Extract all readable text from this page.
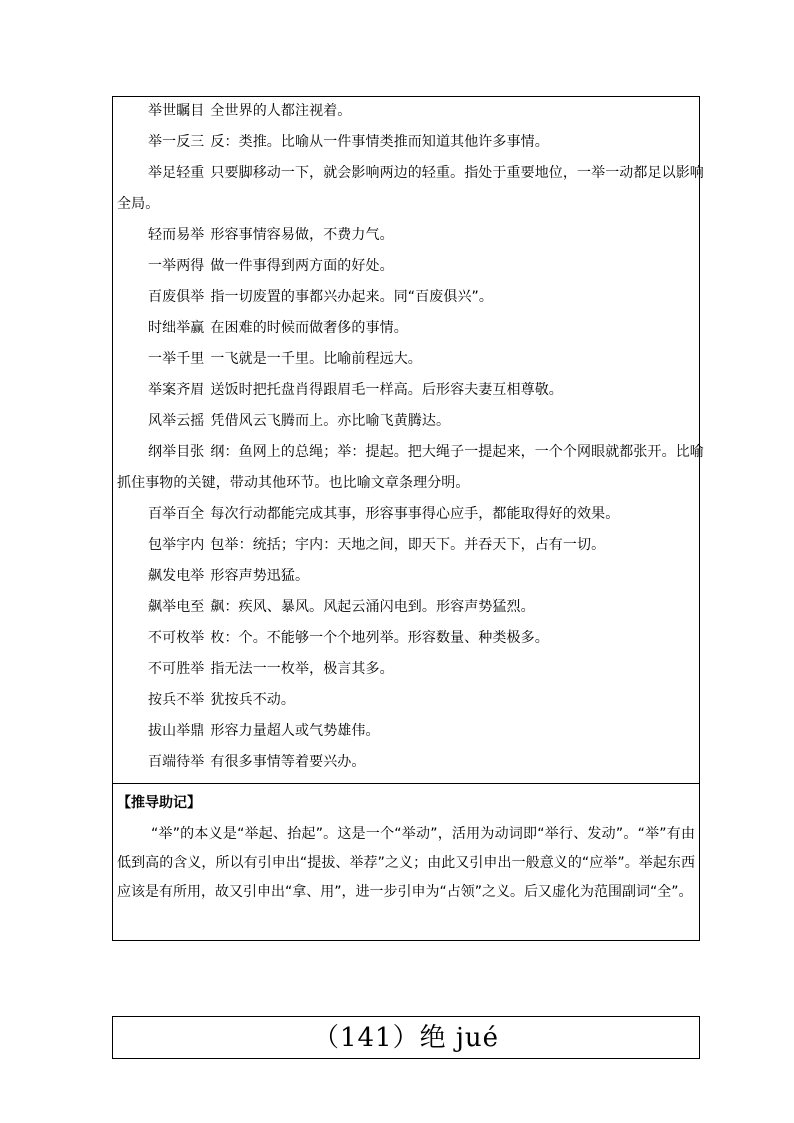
举世瞩目 全世界的人都注视着。
举一反三 反：类推。比喻从一件事情类推而知道其他许多事情。
举足轻重 只要脚移动一下，就会影响两边的轻重。指处于重要地位，一举一动都足以影响
全局。
轻而易举 形容事情容易做，不费力气。
一举两得 做一件事得到两方面的好处。
百废俱举 指一切废置的事都兴办起来。同“百废俱兴”。
时绌举赢 在困难的时候而做奢侈的事情。
一举千里 一飞就是一千里。比喻前程远大。
举案齐眉 送饭时把托盘肖得跟眉毛一样高。后形容夫妻互相尊敬。
风举云摇 凭借风云飞腾而上。亦比喻飞黄腾达。
纲举目张 纲：鱼网上的总绳；举：提起。把大绳子一提起来，一个个网眼就都张开。比喻
抓住事物的关键，带动其他环节。也比喻文章条理分明。
百举百全 每次行动都能完成其事，形容事事得心应手，都能取得好的效果。
包举宇内 包举：统括；宇内：天地之间，即天下。并吞天下，占有一切。
飙发电举 形容声势迅猛。
飙举电至 飙：疾风、暴风。风起云涌闪电到。形容声势猛烈。
不可枚举 枚：个。不能够一个个地列举。形容数量、种类极多。
不可胜举 指无法一一枚举，极言其多。
按兵不举 犹按兵不动。
拔山举鼎 形容力量超人或气势雄伟。
百端待举 有很多事情等着要兴办。
【推导助记】
“举”的本义是“举起、抬起”。这是一个“举动”，活用为动词即“举行、发动”。“举”有由低到高的含义，所以有引申出“提拔、举荐”之义；由此又引申出一般意义的“应举”。举起东西应该是有所用，故又引申出“拿、用”，进一步引申为“占领”之义。后又虚化为范围副词“全”。
（141）绝 jué
